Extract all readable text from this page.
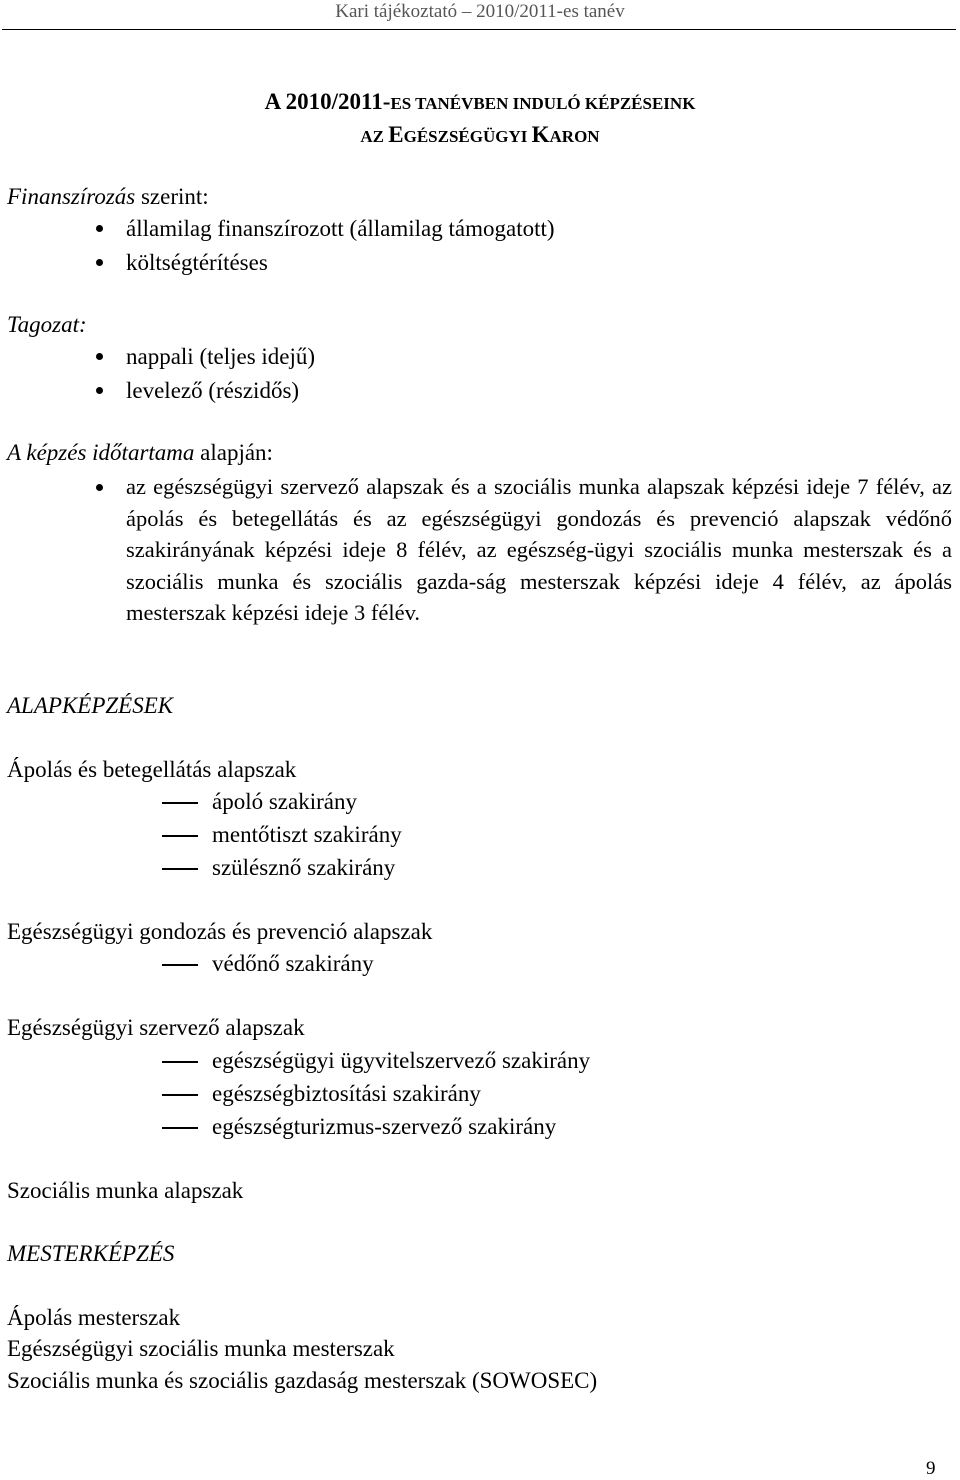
Kari tájékoztató – 2010/2011-es tanév
A 2010/2011-ES TANÉVBEN INDULÓ KÉPZÉSEINK
AZ EGÉSZSÉGÜGYI KARON
Finanszírozás szerint:
államilag finanszírozott (államilag támogatott)
költségtérítéses
Tagozat:
nappali (teljes idejű)
levelező (részidős)
A képzés időtartama alapján:
az egészségügyi szervező alapszak és a szociális munka alapszak képzési ideje 7 félév, az ápolás és betegellátás és az egészségügyi gondozás és prevenció alapszak védőnő szakirányának képzési ideje 8 félév, az egészség-ügyi szociális munka mesterszak és a szociális munka és szociális gazda-ság mesterszak képzési ideje 4 félév, az ápolás mesterszak képzési ideje 3 félév.
ALAPKÉPZÉSEK
Ápolás és betegellátás alapszak
ápoló szakirány
mentőtiszt szakirány
szülésznő szakirány
Egészségügyi gondozás és prevenció alapszak
védőnő szakirány
Egészségügyi szervező alapszak
egészségügyi ügyvitelszervező szakirány
egészségbiztosítási szakirány
egészségturizmus-szervező szakirány
Szociális munka alapszak
MESTERKÉPZÉS
Ápolás mesterszak
Egészségügyi szociális munka mesterszak
Szociális munka és szociális gazdaság mesterszak (SOWOSEC)
9
